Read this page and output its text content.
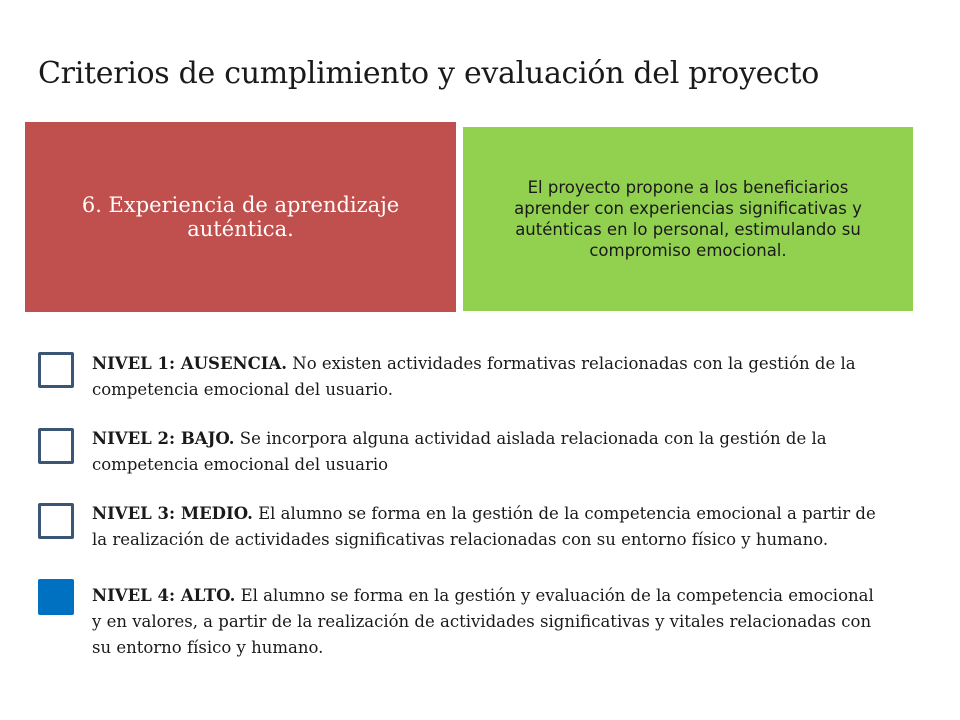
Criterios de cumplimiento y evaluación del proyecto
6. Experiencia de aprendizaje auténtica.
El proyecto propone a los beneficiarios aprender con experiencias significativas y auténticas en lo personal, estimulando su compromiso emocional.
NIVEL 1: AUSENCIA. No existen actividades formativas relacionadas con la gestión de la competencia emocional del usuario.
NIVEL 2: BAJO. Se incorpora alguna actividad aislada relacionada con la gestión de la competencia emocional del usuario
NIVEL 3: MEDIO. El alumno se forma en la gestión de la competencia emocional a partir de la realización de actividades significativas relacionadas con su entorno físico y humano.
NIVEL 4: ALTO. El alumno se forma en la gestión y evaluación de la competencia emocional y en valores, a partir de la realización de actividades significativas y vitales relacionadas con su entorno físico y humano.
